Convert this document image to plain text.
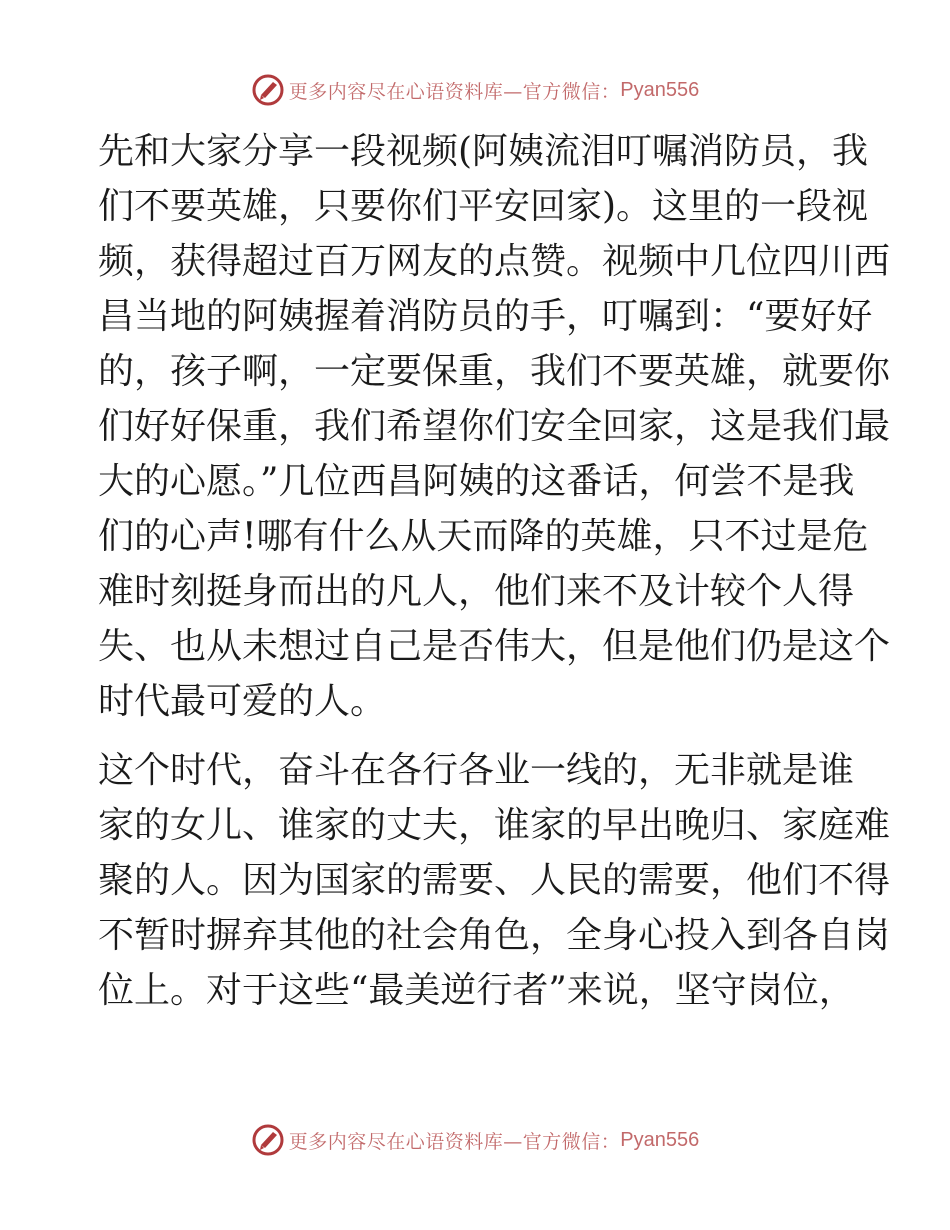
更多内容尽在心语资料库—官方微信： Pyan556
先和大家分享一段视频(阿姨流泪叮嘱消防员，我
们不要英雄，只要你们平安回家)。这里的一段视
频，获得超过百万网友的点赞。视频中几位四川西
昌当地的阿姨握着消防员的手，叮嘱到：“要好好
的，孩子啊，一定要保重，我们不要英雄，就要你
们好好保重，我们希望你们安全回家，这是我们最
大的心愿。”几位西昌阿姨的这番话，何尝不是我
们的心声!哪有什么从天而降的英雄，只不过是危
难时刻挺身而出的凡人，他们来不及计较个人得
失、也从未想过自己是否伟大，但是他们仍是这个
时代最可爱的人。
这个时代，奋斗在各行各业一线的，无非就是谁
家的女儿、谁家的丈夫，谁家的早出晚归、家庭难
聚的人。因为国家的需要、人民的需要，他们不得
不暂时摒弃其他的社会角色，全身心投入到各自岗
位上。对于这些“最美逆行者”来说，坚守岗位，
更多内容尽在心语资料库—官方微信： Pyan556
